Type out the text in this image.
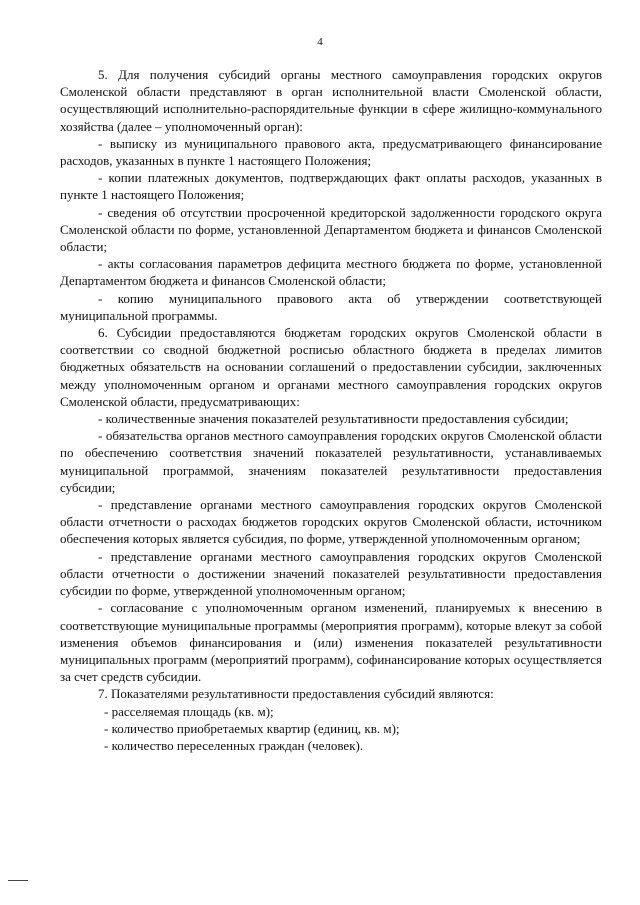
4

5. Для получения субсидий органы местного самоуправления городских округов Смоленской области представляют в орган исполнительной власти Смоленской области, осуществляющий исполнительно-распорядительные функции в сфере жилищно-коммунального хозяйства (далее – уполномоченный орган):

- выписку из муниципального правового акта, предусматривающего финансирование расходов, указанных в пункте 1 настоящего Положения;

- копии платежных документов, подтверждающих факт оплаты расходов, указанных в пункте 1 настоящего Положения;

- сведения об отсутствии просроченной кредиторской задолженности городского округа Смоленской области по форме, установленной Департаментом бюджета и финансов Смоленской области;

- акты согласования параметров дефицита местного бюджета по форме, установленной Департаментом бюджета и финансов Смоленской области;

- копию муниципального правового акта об утверждении соответствующей муниципальной программы.

6. Субсидии предоставляются бюджетам городских округов Смоленской области в соответствии со сводной бюджетной росписью областного бюджета в пределах лимитов бюджетных обязательств на основании соглашений о предоставлении субсидии, заключенных между уполномоченным органом и органами местного самоуправления городских округов Смоленской области, предусматривающих:

- количественные значения показателей результативности предоставления субсидии;

- обязательства органов местного самоуправления городских округов Смоленской области по обеспечению соответствия значений показателей результативности, устанавливаемых муниципальной программой, значениям показателей результативности предоставления субсидии;

- представление органами местного самоуправления городских округов Смоленской области отчетности о расходах бюджетов городских округов Смоленской области, источником обеспечения которых является субсидия, по форме, утвержденной уполномоченным органом;

- представление органами местного самоуправления городских округов Смоленской области отчетности о достижении значений показателей результативности предоставления субсидии по форме, утвержденной уполномоченным органом;

- согласование с уполномоченным органом изменений, планируемых к внесению в соответствующие муниципальные программы (мероприятия программ), которые влекут за собой изменения объемов финансирования и (или) изменения показателей результативности муниципальных программ (мероприятий программ), софинансирование которых осуществляется за счет средств субсидии.

7. Показателями результативности предоставления субсидий являются:

- расселяемая площадь (кв. м);

- количество приобретаемых квартир (единиц, кв. м);

- количество переселенных граждан (человек).
